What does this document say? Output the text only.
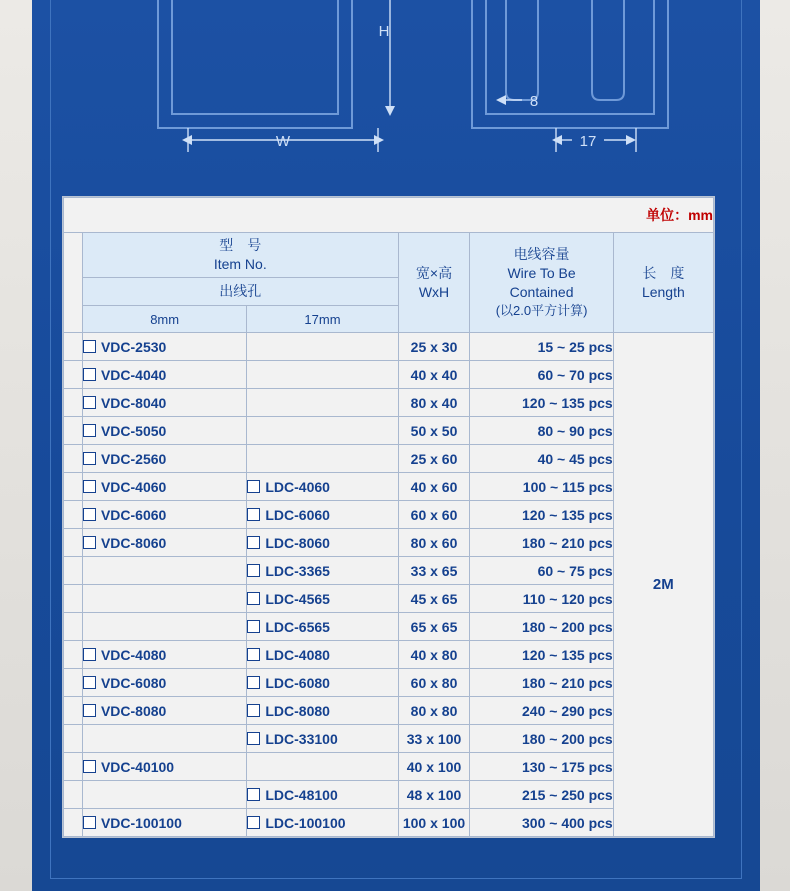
H
W
8
17
单位：mm					

	型　号
Item No.		宽×高
WxH	电线容量
Wire To Be
Contained
(以2.0平方计算)	长　度
Length

	出线孔				
	8mm	17mm			
	VDC-2530		25 x 30	15 ~ 25 pcs	2M
	VDC-4040		40 x 40	60 ~ 70 pcs	
	VDC-8040		80 x 40	120 ~ 135 pcs	
	VDC-5050		50 x 50	80 ~ 90 pcs	
	VDC-2560		25 x 60	40 ~ 45 pcs	
	VDC-4060	LDC-4060	40 x 60	100 ~ 115 pcs	
	VDC-6060	LDC-6060	60 x 60	120 ~ 135 pcs	
	VDC-8060	LDC-8060	80 x 60	180 ~ 210 pcs	
		LDC-3365	33 x 65	60 ~ 75 pcs	
		LDC-4565	45 x 65	110 ~ 120 pcs	
		LDC-6565	65 x 65	180 ~ 200 pcs	
	VDC-4080	LDC-4080	40 x 80	120 ~ 135 pcs	
	VDC-6080	LDC-6080	60 x 80	180 ~ 210 pcs	
	VDC-8080	LDC-8080	80 x 80	240 ~ 290 pcs	
		LDC-33100	33 x 100	180 ~ 200 pcs	
	VDC-40100		40 x 100	130 ~ 175 pcs	
		LDC-48100	48 x 100	215 ~ 250 pcs	
	VDC-100100	LDC-100100	100 x 100	300 ~ 400 pcs	
